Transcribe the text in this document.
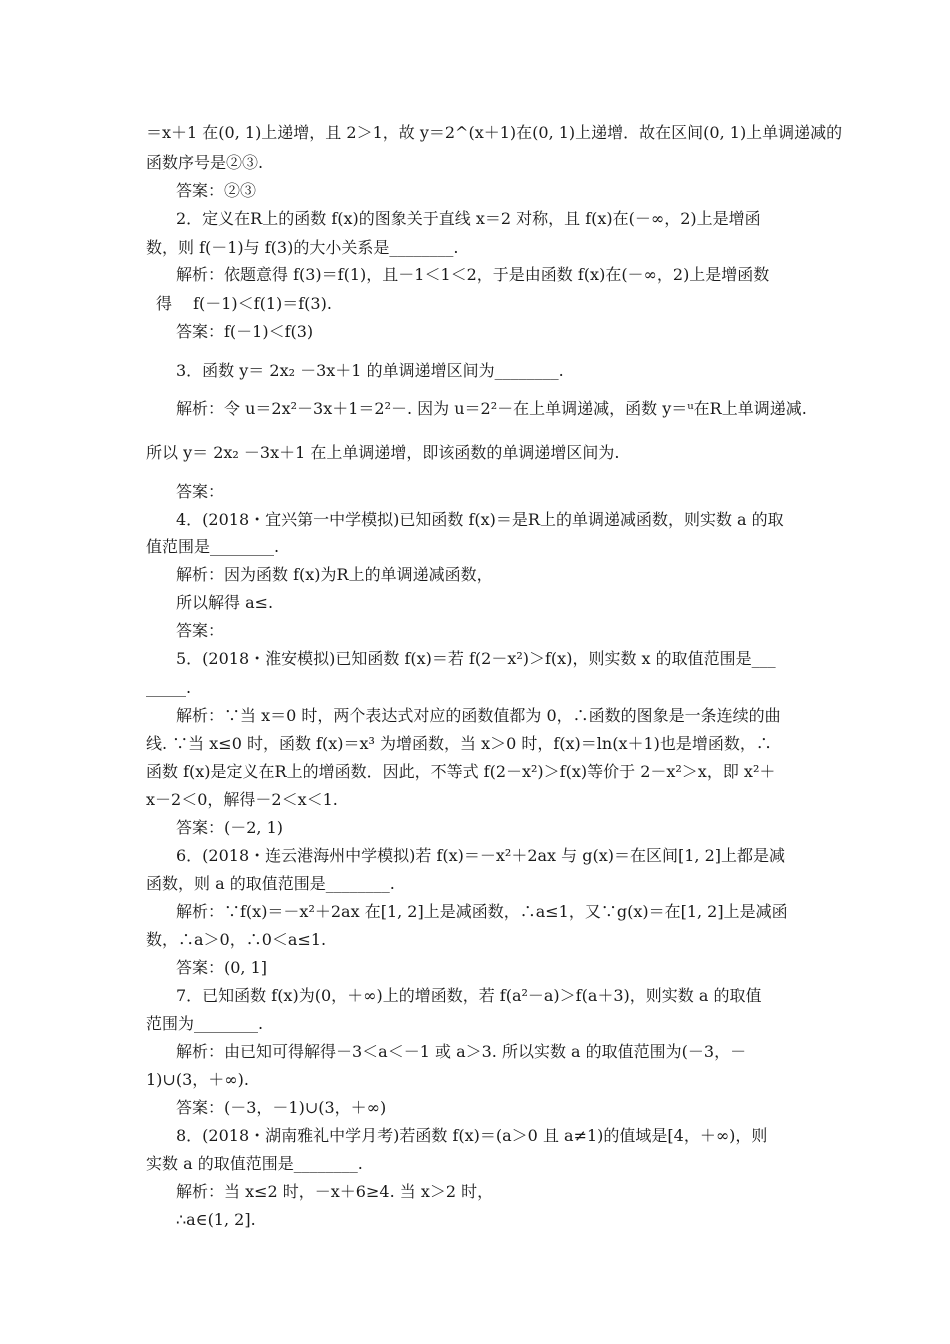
＝x＋1 在(0, 1)上递增，且 2＞1，故 y＝2^(x＋1)在(0, 1)上递增．故在区间(0, 1)上单调递减的
函数序号是②③.
答案：②③
2．定义在R上的函数 f(x)的图象关于直线 x＝2 对称，且 f(x)在(－∞，2)上是增函
数，则 f(－1)与 f(3)的大小关系是________.
解析：依题意得 f(3)＝f(1)，且－1＜1＜2，于是由函数 f(x)在(－∞，2)上是增函数
得　 f(－1)＜f(1)＝f(3).
答案：f(－1)＜f(3)
3．函数 y＝ 2x₂ －3x＋1 的单调递增区间为________.
解析：令 u＝2x²－3x＋1＝2²－. 因为 u＝2²－在上单调递减，函数 y＝ᵘ在R上单调递减.
所以 y＝ 2x₂ －3x＋1 在上单调递增，即该函数的单调递增区间为.
答案：
4．(2018・宜兴第一中学模拟)已知函数 f(x)＝是R上的单调递减函数，则实数 a 的取
值范围是________.
解析：因为函数 f(x)为R上的单调递减函数，
所以解得 a≤.
答案：
5．(2018・淮安模拟)已知函数 f(x)＝若 f(2－x²)＞f(x)，则实数 x 的取值范围是___
_____.
解析：∵当 x＝0 时，两个表达式对应的函数值都为 0，∴函数的图象是一条连续的曲
线. ∵当 x≤0 时，函数 f(x)＝x³ 为增函数，当 x＞0 时，f(x)＝ln(x＋1)也是增函数，∴
函数 f(x)是定义在R上的增函数．因此，不等式 f(2－x²)＞f(x)等价于 2－x²＞x，即 x²＋
x－2＜0，解得－2＜x＜1.
答案：(－2, 1)
6．(2018・连云港海州中学模拟)若 f(x)＝－x²＋2ax 与 g(x)＝在区间[1, 2]上都是减
函数，则 a 的取值范围是________.
解析：∵f(x)＝－x²＋2ax 在[1, 2]上是减函数，∴a≤1，又∵g(x)＝在[1, 2]上是减函
数，∴a＞0，∴0＜a≤1.
答案：(0, 1]
7．已知函数 f(x)为(0，＋∞)上的增函数，若 f(a²－a)＞f(a＋3)，则实数 a 的取值
范围为________.
解析：由已知可得解得－3＜a＜－1 或 a＞3. 所以实数 a 的取值范围为(－3，－
1)∪(3，＋∞).
答案：(－3，－1)∪(3，＋∞)
8．(2018・湖南雅礼中学月考)若函数 f(x)＝(a＞0 且 a≠1)的值域是[4，＋∞)，则
实数 a 的取值范围是________.
解析：当 x≤2 时，－x＋6≥4. 当 x＞2 时，
∴a∈(1, 2].
